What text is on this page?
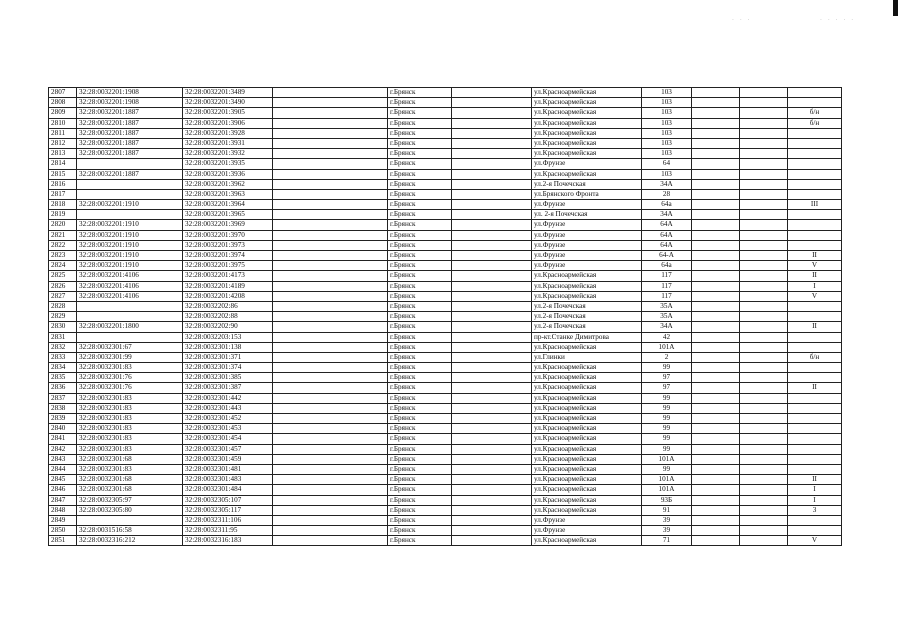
. . . . .
. . .
2807	32:28:0032201:1908	32:28:0032201:3489		г.Брянск		ул.Красноармейская	103			
2808	32:28:0032201:1908	32:28:0032201:3490		г.Брянск		ул.Красноармейская	103			
2809	32:28:0032201:1887	32:28:0032201:3905		г.Брянск		ул.Красноармейская	103			б/н
2810	32:28:0032201:1887	32:28:0032201:3906		г.Брянск		ул.Красноармейская	103			б/н
2811	32:28:0032201:1887	32:28:0032201:3928		г.Брянск		ул.Красноармейская	103			
2812	32:28:0032201:1887	32:28:0032201:3931		г.Брянск		ул.Красноармейская	103			
2813	32:28:0032201:1887	32:28:0032201:3932		г.Брянск		ул.Красноармейская	103			
2814		32:28:0032201:3935		г.Брянск		ул.Фрунзе	64			
2815	32:28:0032201:1887	32:28:0032201:3936		г.Брянск		ул.Красноармейская	103			
2816		32:28:0032201:3962		г.Брянск		ул.2-я Почечская	34А			
2817		32:28:0032201:3963		г.Брянск		ул.Брянского Фронта	28			
2818	32:28:0032201:1910	32:28:0032201:3964		г.Брянск		ул.Фрунзе	64а			III
2819		32:28:0032201:3965		г.Брянск		ул. 2-я Почечская	34А			
2820	32:28:0032201:1910	32:28:0032201:3969		г.Брянск		ул.Фрунзе	64А			
2821	32:28:0032201:1910	32:28:0032201:3970		г.Брянск		ул.Фрунзе	64А			
2822	32:28:0032201:1910	32:28:0032201:3973		г.Брянск		ул.Фрунзе	64А			
2823	32:28:0032201:1910	32:28:0032201:3974		г.Брянск		ул.Фрунзе	64-А			II
2824	32:28:0032201:1910	32:28:0032201:3975		г.Брянск		ул.Фрунзе	64а			V
2825	32:28:0032201:4106	32:28:0032201:4173		г.Брянск		ул.Красноармейская	117			II
2826	32:28:0032201:4106	32:28:0032201:4189		г.Брянск		ул.Красноармейская	117			I
2827	32:28:0032201:4106	32:28:0032201:4208		г.Брянск		ул.Красноармейская	117			V
2828		32:28:0032202:86		г.Брянск		ул.2-я Почечская	35А			
2829		32:28:0032202:88		г.Брянск		ул.2-я Почечская	35А			
2830	32:28:0032201:1800	32:28:0032202:90		г.Брянск		ул.2-я Почечская	34А			II
2831		32:28:0032203:153		г.Брянск		пр-кт.Станке Димитрова	42			
2832	32:28:0032301:67	32:28:0032301:138		г.Брянск		ул.Красноармейская	101А			
2833	32:28:0032301:99	32:28:0032301:371		г.Брянск		ул.Глинки	2			б/н
2834	32:28:0032301:83	32:28:0032301:374		г.Брянск		ул.Красноармейская	99			
2835	32:28:0032301:76	32:28:0032301:385		г.Брянск		ул.Красноармейская	97			
2836	32:28:0032301:76	32:28:0032301:387		г.Брянск		ул.Красноармейская	97			II
2837	32:28:0032301:83	32:28:0032301:442		г.Брянск		ул.Красноармейская	99			
2838	32:28:0032301:83	32:28:0032301:443		г.Брянск		ул.Красноармейская	99			
2839	32:28:0032301:83	32:28:0032301:452		г.Брянск		ул.Красноармейская	99			
2840	32:28:0032301:83	32:28:0032301:453		г.Брянск		ул.Красноармейская	99			
2841	32:28:0032301:83	32:28:0032301:454		г.Брянск		ул.Красноармейская	99			
2842	32:28:0032301:83	32:28:0032301:457		г.Брянск		ул.Красноармейская	99			
2843	32:28:0032301:68	32:28:0032301:459		г.Брянск		ул.Красноармейская	101А			
2844	32:28:0032301:83	32:28:0032301:481		г.Брянск		ул.Красноармейская	99			
2845	32:28:0032301:68	32:28:0032301:483		г.Брянск		ул.Красноармейская	101А			II
2846	32:28:0032301:68	32:28:0032301:484		г.Брянск		ул.Красноармейская	101А			I
2847	32:28:0032305:97	32:28:0032305:107		г.Брянск		ул.Красноармейская	93Б			I
2848	32:28:0032305:80	32:28:0032305:117		г.Брянск		ул.Красноармейская	91			3
2849		32:28:0032311:106		г.Брянск		ул.Фрунзе	39			
2850	32:28:0031516:58	32:28:0032311:95		г.Брянск		ул.Фрунзе	39			
2851	32:28:0032316:212	32:28:0032316:183		г.Брянск		ул.Красноармейская	71			V
